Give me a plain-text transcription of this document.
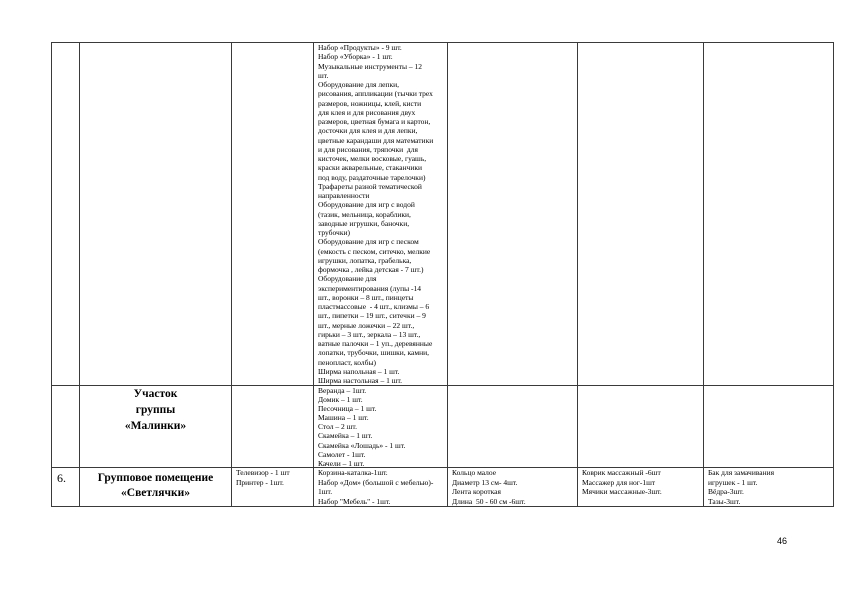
Набор «Продукты» - 9 шт.
Набор «Уборка» - 1 шт.
Музыкальные инструменты – 12
шт.
Оборудование для лепки,
рисования, аппликации (тычки трех
размеров, ножницы, клей, кисти
для клея и для рисования двух
размеров, цветная бумага и картон,
досточки для клея и для лепки,
цветные карандаши для математики
и для рисования, тряпочки  для
кисточек, мелки восковые, гуашь,
краски акварельные, стаканчики
под воду, раздаточные тарелочки)
Трафареты разной тематической
направленности
Оборудование для игр с водой
(тазик, мельница, кораблики,
заводные игрушки, баночки,
трубочки)
Оборудование для игр с песком
(емкость с песком, ситечко, мелкие
игрушки, лопатка, грабелька,
формочка , лейка детская - 7 шт.)
Оборудование для
экспериментирования (лупы -14
шт., воронки – 8 шт., пинцеты
пластмассовые  - 4 шт., клизмы – 6
шт., пипетки – 19 шт., ситечки – 9
шт., мерные ложечки – 22 шт.,
гирьки – 3 шт., зеркала – 13 шт.,
ватные палочки – 1 уп., деревянные
лопатки, трубочки, шишки, камни,
пенопласт, колбы)
Ширма напольная – 1 шт.
Ширма настольная – 1 шт.
Участок
группы
«Малинки»
Веранда – 1шт.
Домик – 1 шт.
Песочница – 1 шт.
Машина – 1 шт.
Стол – 2 шт.
Скамейка – 1 шт.
Скамейка «Лошадь» - 1 шт.
Самолет - 1шт.
Качели – 1 шт.
6.	Групповое помещение
«Светлячки»
Телевизор - 1 шт
Принтер - 1шт.
Корзина-каталка-1шт.
Набор «Дом» (большой с мебелью)-
1шт.
Набор "Мебель" - 1шт.
Кольцо малое
Диаметр 13 см- 4шт.
Лента короткая
Длина  50 - 60 см -6шт.
Коврик массажный -6шт
Массажер для ног-1шт
Мячики массажные-3шт.
Бак для замачивания
игрушек - 1 шт.
Вёдра-3шт.
Тазы-3шт.
46
